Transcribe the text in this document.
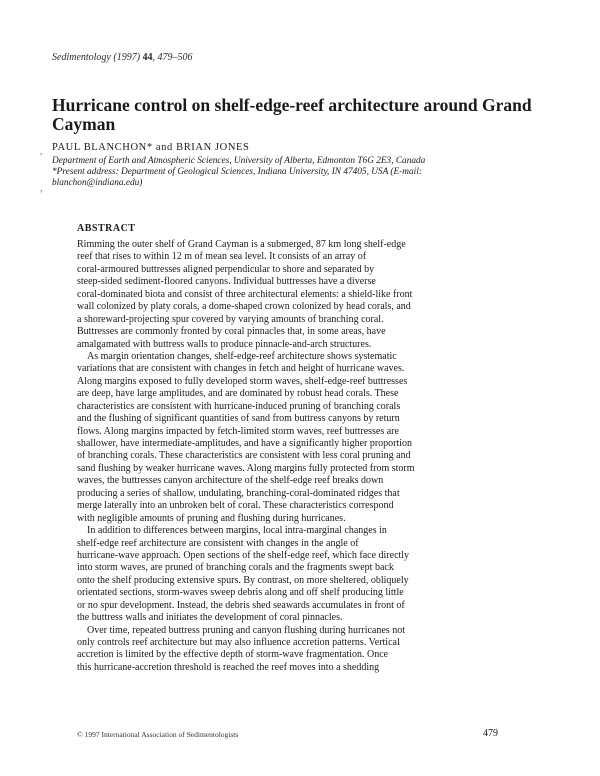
Sedimentology (1997) 44, 479–506
Hurricane control on shelf-edge-reef architecture around Grand Cayman
PAUL BLANCHON* and BRIAN JONES
Department of Earth and Atmospheric Sciences, University of Alberta, Edmonton T6G 2E3, Canada
*Present address: Department of Geological Sciences, Indiana University, IN 47405, USA (E-mail:
blanchon@indiana.edu)
,
,
ABSTRACT
Rimming the outer shelf of Grand Cayman is a submerged, 87 km long shelf-edge
reef that rises to within 12 m of mean sea level. It consists of an array of
coral-armoured buttresses aligned perpendicular to shore and separated by
steep-sided sediment-floored canyons. Individual buttresses have a diverse
coral-dominated biota and consist of three architectural elements: a shield-like front
wall colonized by platy corals, a dome-shaped crown colonized by head corals, and
a shoreward-projecting spur covered by varying amounts of branching coral.
Buttresses are commonly fronted by coral pinnacles that, in some areas, have
amalgamated with buttress walls to produce pinnacle-and-arch structures.
As margin orientation changes, shelf-edge-reef architecture shows systematic
variations that are consistent with changes in fetch and height of hurricane waves.
Along margins exposed to fully developed storm waves, shelf-edge-reef buttresses
are deep, have large amplitudes, and are dominated by robust head corals. These
characteristics are consistent with hurricane-induced pruning of branching corals
and the flushing of significant quantities of sand from buttress canyons by return
flows. Along margins impacted by fetch-limited storm waves, reef buttresses are
shallower, have intermediate-amplitudes, and have a significantly higher proportion
of branching corals. These characteristics are consistent with less coral pruning and
sand flushing by weaker hurricane waves. Along margins fully protected from storm
waves, the buttresses canyon architecture of the shelf-edge reef breaks down
producing a series of shallow, undulating, branching-coral-dominated ridges that
merge laterally into an unbroken belt of coral. These characteristics correspond
with negligible amounts of pruning and flushing during hurricanes.
In addition to differences between margins, local intra-marginal changes in
shelf-edge reef architecture are consistent with changes in the angle of
hurricane-wave approach. Open sections of the shelf-edge reef, which face directly
into storm waves, are pruned of branching corals and the fragments swept back
onto the shelf producing extensive spurs. By contrast, on more sheltered, obliquely
orientated sections, storm-waves sweep debris along and off shelf producing little
or no spur development. Instead, the debris shed seawards accumulates in front of
the buttress walls and initiates the development of coral pinnacles.
Over time, repeated buttress pruning and canyon flushing during hurricanes not
only controls reef architecture but may also influence accretion patterns. Vertical
accretion is limited by the effective depth of storm-wave fragmentation. Once
this hurricane-accretion threshold is reached the reef moves into a shedding
© 1997 International Association of Sedimentologists	479
